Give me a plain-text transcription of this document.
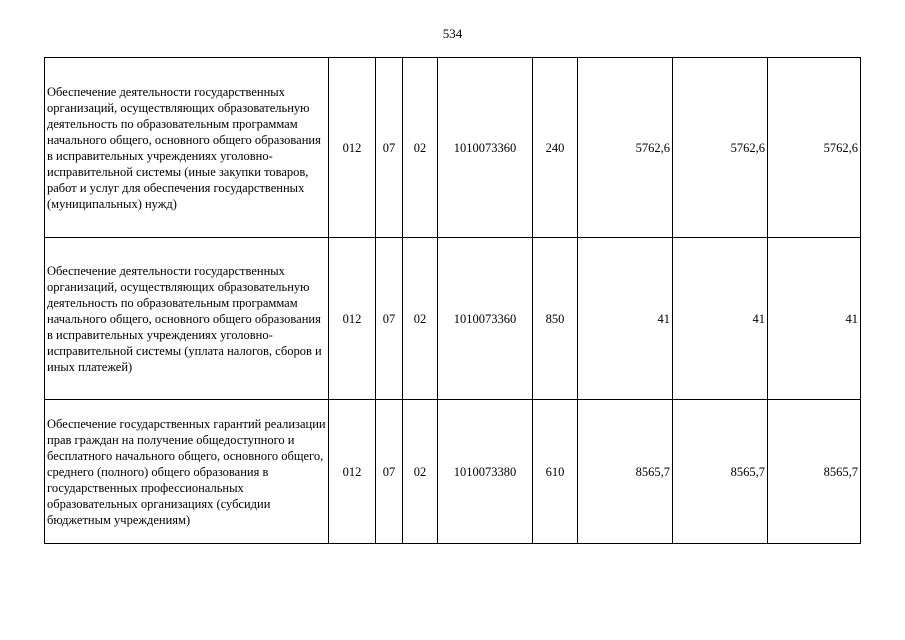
534
Обеспечение деятельности государственных организаций, осуществляющих образовательную деятельность по образовательным программам начального общего, основного общего образования в исправительных учреждениях уголовно-исправительной системы (иные закупки товаров, работ и услуг для обеспечения государственных (муниципальных) нужд)	012	07	02	1010073360	240	5762,6	5762,6	5762,6
Обеспечение деятельности государственных организаций, осуществляющих образовательную деятельность по образовательным программам начального общего, основного общего образования в исправительных учреждениях уголовно-исправительной системы (уплата налогов, сборов и иных платежей)	012	07	02	1010073360	850	41	41	41
Обеспечение государственных гарантий реализации прав граждан на получение общедоступного и бесплатного начального общего, основного общего, среднего (полного) общего образования в государственных профессиональных образовательных организациях (субсидии бюджетным учреждениям)	012	07	02	1010073380	610	8565,7	8565,7	8565,7
